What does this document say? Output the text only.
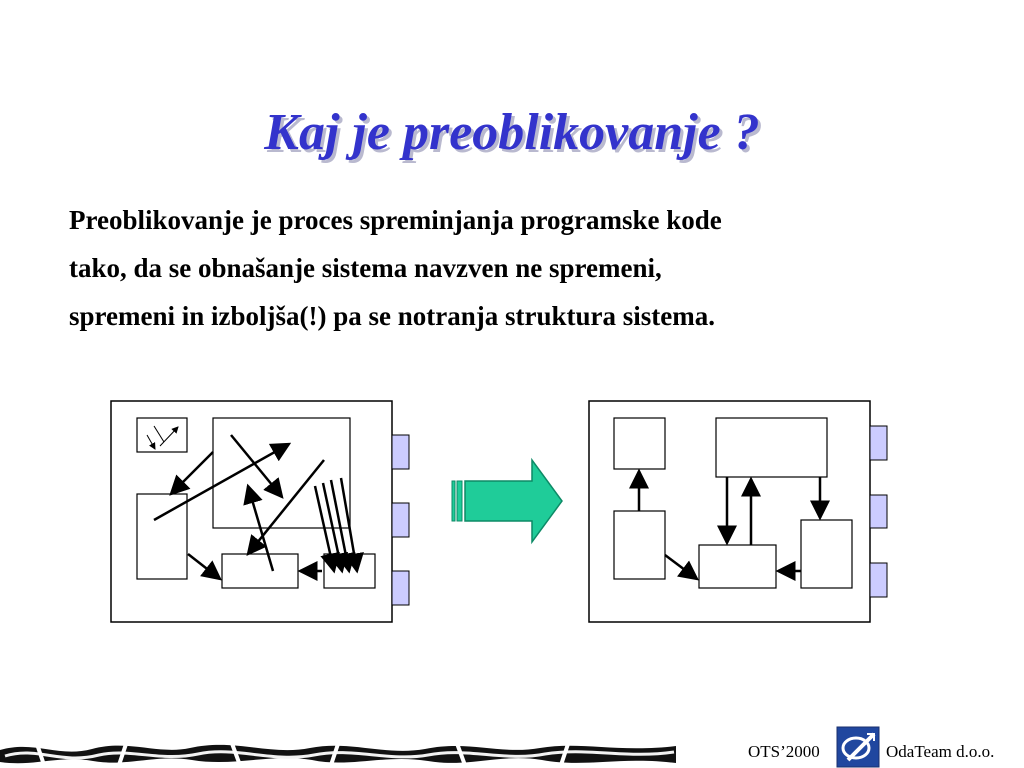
Kaj je preoblikovanje ?
Preoblikovanje je proces spreminjanja programske kode
tako, da se obnašanje sistema navzven ne spremeni,
spremeni in izboljša(!) pa se notranja struktura sistema.
OTS’2000	OdaTeam d.o.o.
